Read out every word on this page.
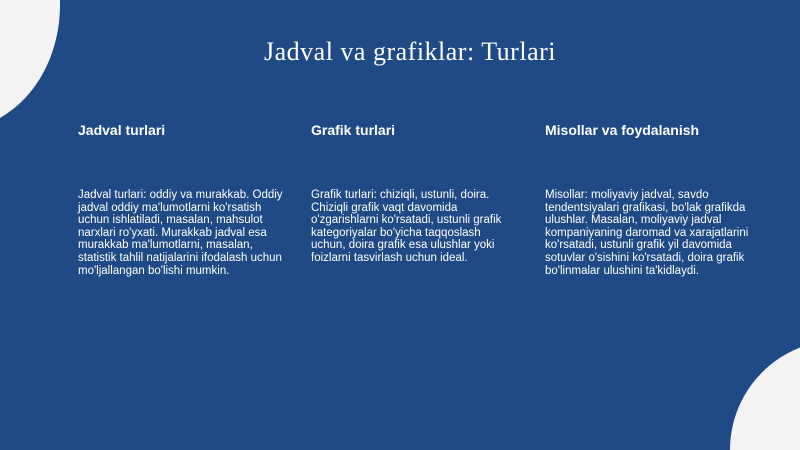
Jadval va grafiklar: Turlari

Jadval turlari

Jadval turlari: oddiy va murakkab. Oddiy jadval oddiy ma'lumotlarni ko'rsatish uchun ishlatiladi, masalan, mahsulot narxlari ro'yxati. Murakkab jadval esa murakkab ma'lumotlarni, masalan, statistik tahlil natijalarini ifodalash uchun mo'ljallangan bo'lishi mumkin.

Grafik turlari

Grafik turlari: chiziqli, ustunli, doira. Chiziqli grafik vaqt davomida o'zgarishlarni ko'rsatadi, ustunli grafik kategoriyalar bo'yicha taqqoslash uchun, doira grafik esa ulushlar yoki foizlarni tasvirlash uchun ideal.

Misollar va foydalanish

Misollar: moliyaviy jadval, savdo tendentsiyalari grafikasi, bo'lak grafikda ulushlar. Masalan, moliyaviy jadval kompaniyaning daromad va xarajatlarini ko'rsatadi, ustunli grafik yil davomida sotuvlar o'sishini ko'rsatadi, doira grafik bo'linmalar ulushini ta'kidlaydi.
